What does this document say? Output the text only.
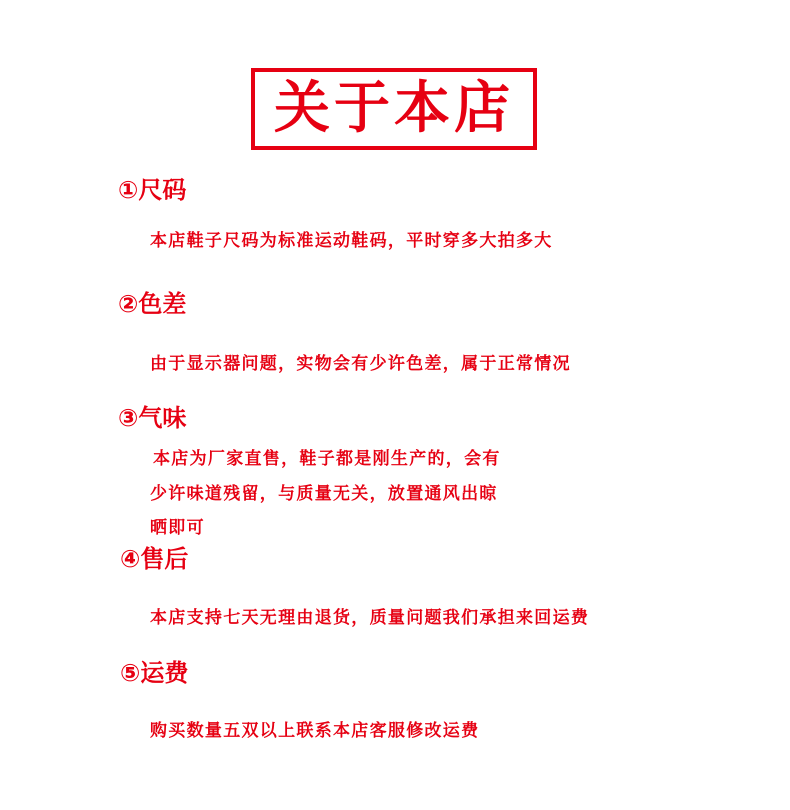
关于本店
①尺码
本店鞋子尺码为标准运动鞋码，平时穿多大拍多大
②色差
由于显示器问题，实物会有少许色差，属于正常情况
③气味
本店为厂家直售，鞋子都是刚生产的，会有
少许味道残留，与质量无关，放置通风出晾
晒即可
④售后
本店支持七天无理由退货，质量问题我们承担来回运费
⑤运费
购买数量五双以上联系本店客服修改运费
